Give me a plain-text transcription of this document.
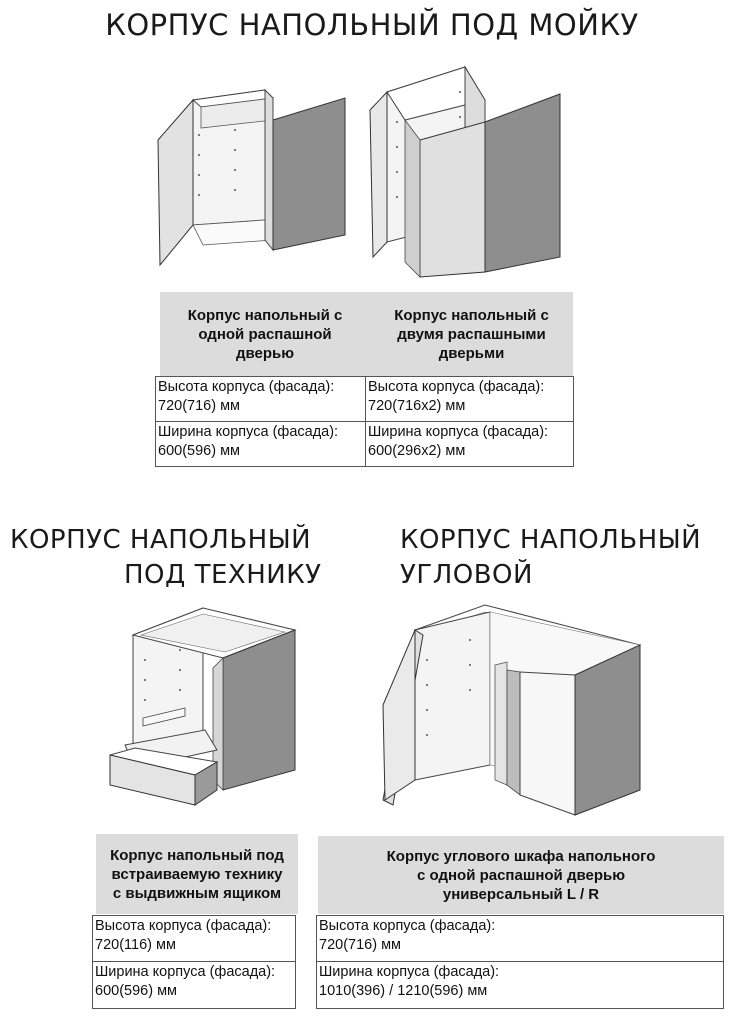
КОРПУС НАПОЛЬНЫЙ ПОД МОЙКУ
Корпус напольный с
одной распашной
дверью
Корпус напольный с
двумя распашными
дверьми
Высота корпуса (фасада):
720(716) мм
Высота корпуса (фасада):
720(716х2) мм
Ширина корпуса (фасада):
600(596) мм
Ширина корпуса (фасада):
600(296х2) мм
КОРПУС НАПОЛЬНЫЙ
ПОД ТЕХНИКУ
Корпус напольный под
встраиваемую технику
с выдвижным ящиком
Высота корпуса (фасада):
720(116) мм
Ширина корпуса (фасада):
600(596) мм
КОРПУС НАПОЛЬНЫЙ
УГЛОВОЙ
Корпус углового шкафа напольного
с одной распашной дверью
универсальный L / R
Высота корпуса (фасада):
720(716) мм
Ширина корпуса (фасада):
1010(396) / 1210(596) мм
